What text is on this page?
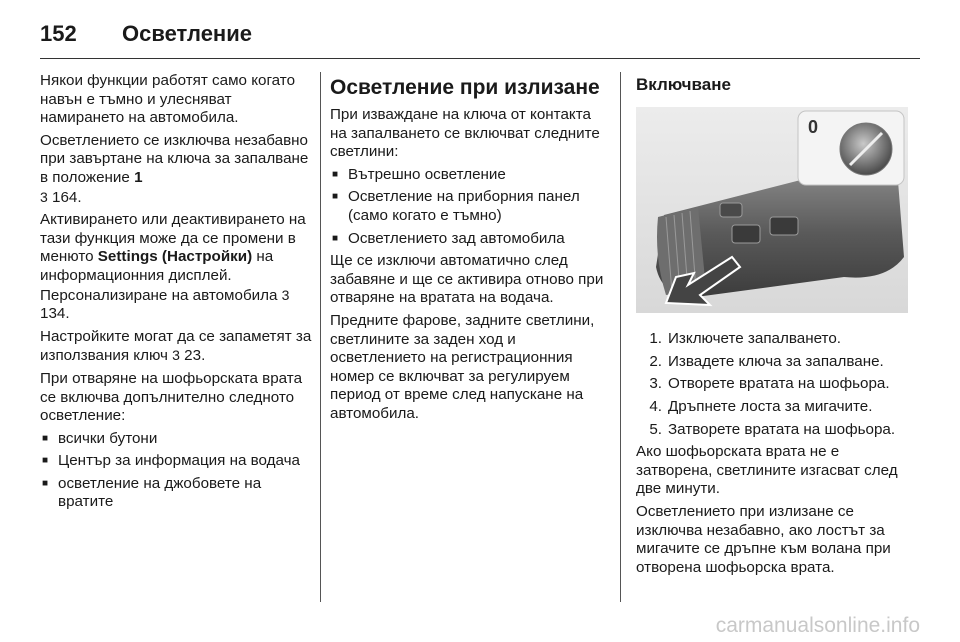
152	Осветление

Някои функции работят само когато навън е тъмно и улесняват намирането на автомобила.

Осветлението се изключва незабавно при завъртане на ключа за запалване в положение 1
3 164.

Активирането или деактивирането на тази функция може да се промени в менюто Settings (Настройки) на информационния дисплей. Персонализиране на автомобила 3 134.

Настройките могат да се запаметят за използвания ключ 3 23.

При отваряне на шофьорската врата се включва допълнително следното осветление:

■ всички бутони
■ Център за информация на водача
■ осветление на джобовете на вратите
Осветление при излизане

При изваждане на ключа от контакта на запалването се включват следните светлини:

■ Вътрешно осветление
■ Осветление на приборния панел (само когато е тъмно)
■ Осветлението зад автомобила

Ще се изключи автоматично след забавяне и ще се активира отново при отваряне на вратата на водача.

Предните фарове, задните светлини, светлините за заден ход и осветлението на регистрационния номер се включват за регулируем период от време след напускане на автомобила.

Включване
0
1. Изключете запалването.
2. Извадете ключа за запалване.
3. Отворете вратата на шофьора.
4. Дръпнете лоста за мигачите.
5. Затворете вратата на шофьора.

Ако шофьорската врата не е затворена, светлините изгасват след две минути.

Осветлението при излизане се изключва незабавно, ако лостът за мигачите се дръпне към волана при отворена шофьорска врата.

carmanualsonline.info
